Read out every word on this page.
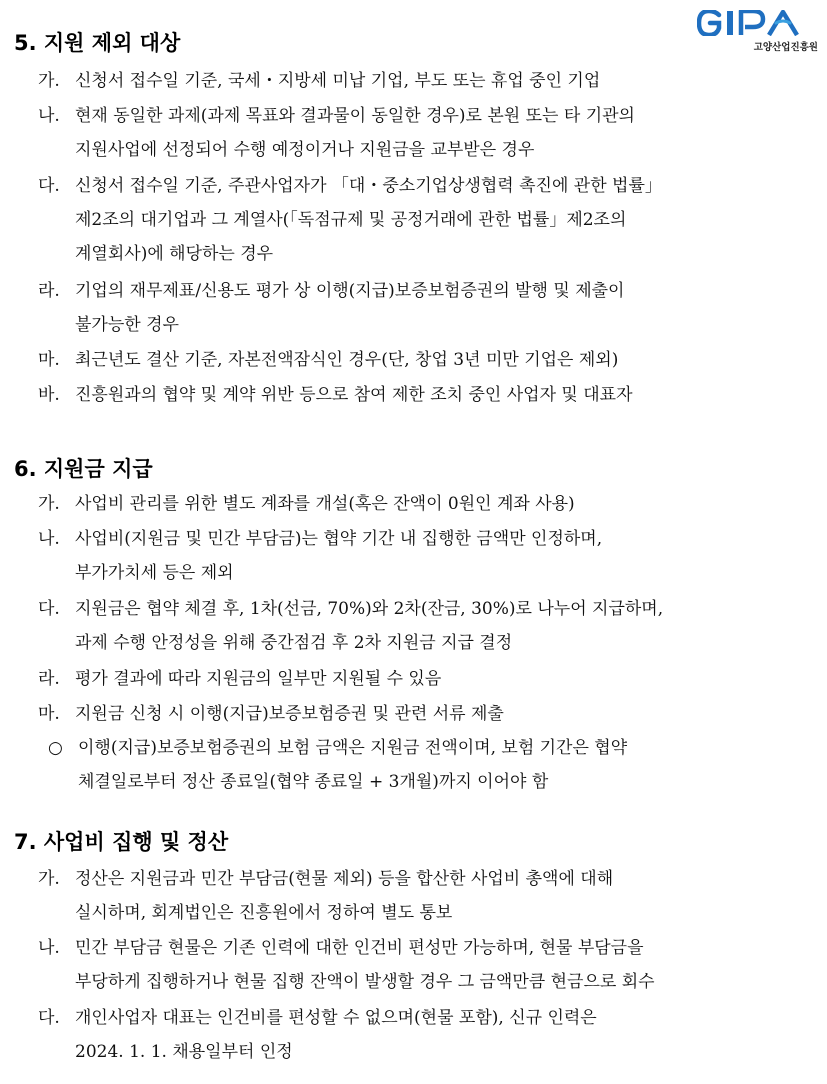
고양산업진흥원
5. 지원 제외 대상
가. 신청서 접수일 기준, 국세・지방세 미납 기업, 부도 또는 휴업 중인 기업
나. 현재 동일한 과제(과제 목표와 결과물이 동일한 경우)로 본원 또는 타 기관의
지원사업에 선정되어 수행 예정이거나 지원금을 교부받은 경우
다. 신청서 접수일 기준, 주관사업자가 「대・중소기업상생협력 촉진에 관한 법률」
제2조의 대기업과 그 계열사(「독점규제 및 공정거래에 관한 법률」제2조의
계열회사)에 해당하는 경우
라. 기업의 재무제표/신용도 평가 상 이행(지급)보증보험증권의 발행 및 제출이
불가능한 경우
마. 최근년도 결산 기준, 자본전액잠식인 경우(단, 창업 3년 미만 기업은 제외)
바. 진흥원과의 협약 및 계약 위반 등으로 참여 제한 조치 중인 사업자 및 대표자
6. 지원금 지급
가. 사업비 관리를 위한 별도 계좌를 개설(혹은 잔액이 0원인 계좌 사용)
나. 사업비(지원금 및 민간 부담금)는 협약 기간 내 집행한 금액만 인정하며,
부가가치세 등은 제외
다. 지원금은 협약 체결 후, 1차(선금, 70%)와 2차(잔금, 30%)로 나누어 지급하며,
과제 수행 안정성을 위해 중간점검 후 2차 지원금 지급 결정
라. 평가 결과에 따라 지원금의 일부만 지원될 수 있음
마. 지원금 신청 시 이행(지급)보증보험증권 및 관련 서류 제출
○ 이행(지급)보증보험증권의 보험 금액은 지원금 전액이며, 보험 기간은 협약
체결일로부터 정산 종료일(협약 종료일 + 3개월)까지 이어야 함
7. 사업비 집행 및 정산
가. 정산은 지원금과 민간 부담금(현물 제외) 등을 합산한 사업비 총액에 대해
실시하며, 회계법인은 진흥원에서 정하여 별도 통보
나. 민간 부담금 현물은 기존 인력에 대한 인건비 편성만 가능하며, 현물 부담금을
부당하게 집행하거나 현물 집행 잔액이 발생할 경우 그 금액만큼 현금으로 회수
다. 개인사업자 대표는 인건비를 편성할 수 없으며(현물 포함), 신규 인력은
2024. 1. 1. 채용일부터 인정
